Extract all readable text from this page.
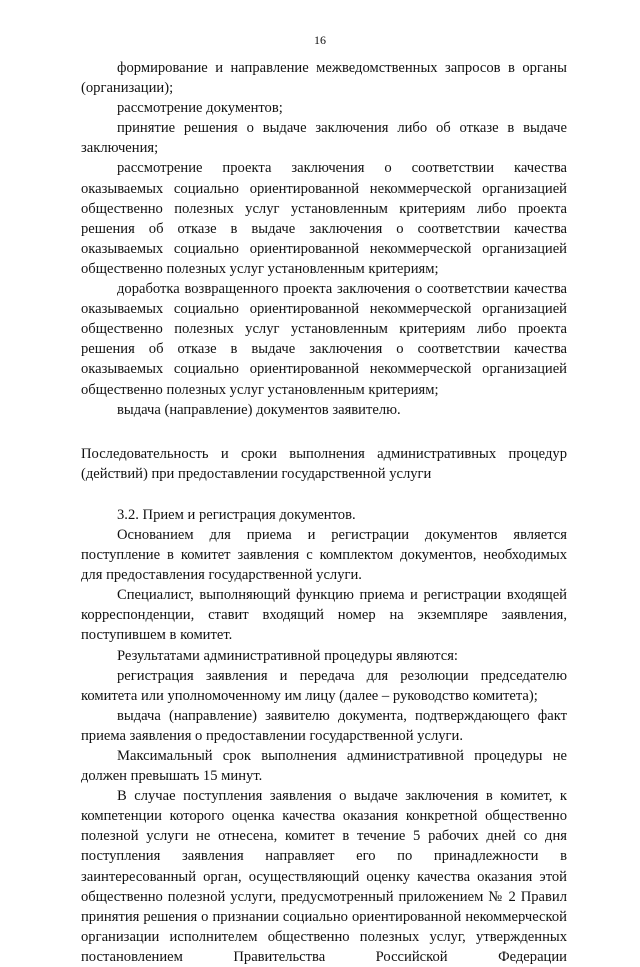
16

формирование и направление межведомственных запросов в органы (организации);

рассмотрение документов;

принятие решения о выдаче заключения либо об отказе в выдаче заключения;

рассмотрение проекта заключения о соответствии качества оказываемых социально ориентированной некоммерческой организацией общественно полезных услуг установленным критериям либо проекта решения об отказе в выдаче заключения о соответствии качества оказываемых социально ориентированной некоммерческой организацией общественно полезных услуг установленным критериям;

доработка возвращенного проекта заключения о соответствии качества оказываемых социально ориентированной некоммерческой организацией общественно полезных услуг установленным критериям либо проекта решения об отказе в выдаче заключения о соответствии качества оказываемых социально ориентированной некоммерческой организацией общественно полезных услуг установленным критериям;

выдача (направление) документов заявителю.

Последовательность и сроки выполнения административных процедур (действий) при предоставлении государственной услуги

3.2. Прием и регистрация документов.

Основанием для приема и регистрации документов является поступление в комитет заявления с комплектом документов, необходимых для предоставления государственной услуги.

Специалист, выполняющий функцию приема и регистрации входящей корреспонденции, ставит входящий номер на экземпляре заявления, поступившем в комитет.

Результатами административной процедуры являются:

регистрация заявления и передача для резолюции председателю комитета или уполномоченному им лицу (далее – руководство комитета);

выдача (направление) заявителю документа, подтверждающего факт приема заявления о предоставлении государственной услуги.

Максимальный срок выполнения административной процедуры не должен превышать 15 минут.

В случае поступления заявления о выдаче заключения в комитет, к компетенции которого оценка качества оказания конкретной общественно полезной услуги не отнесена, комитет в течение 5 рабочих дней со дня поступления заявления направляет его по принадлежности в заинтересованный орган, осуществляющий оценку качества оказания этой общественно полезной услуги, предусмотренный приложением № 2 Правил принятия решения о признании социально ориентированной некоммерческой организации исполнителем общественно полезных услуг, утвержденных постановлением Правительства Российской Федерации
